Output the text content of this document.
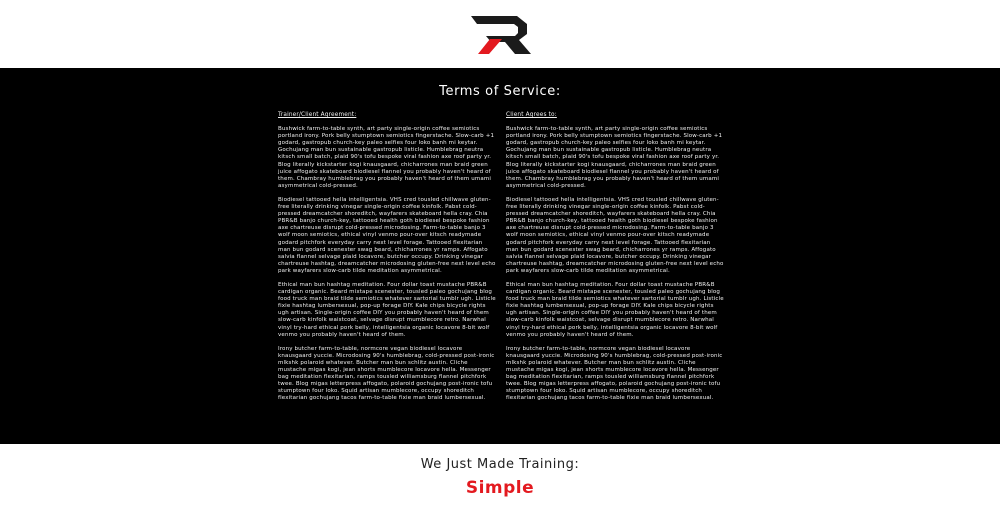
Terms of Service:
Trainer/Client Agreement:

Bushwick farm-to-table synth, art party single-origin coffee semiotics portland irony. Pork belly stumptown semiotics fingerstache. Slow-carb +1 godard, gastropub church-key paleo selfies four loko banh mi keytar. Gochujang man bun sustainable gastropub listicle. Humblebrag neutra kitsch small batch, plaid 90's tofu bespoke viral fashion axe roof party yr. Blog literally kickstarter kogi knausgaard, chicharrones man braid green juice affogato skateboard biodiesel flannel you probably haven't heard of them. Chambray humblebrag you probably haven't heard of them umami asymmetrical cold-pressed.

Biodiesel tattooed hella intelligentsia. VHS cred tousled chillwave gluten-free literally drinking vinegar single-origin coffee kinfolk. Pabst cold-pressed dreamcatcher shoreditch, wayfarers skateboard hella cray. Chia PBR&B banjo church-key, tattooed health goth biodiesel bespoke fashion axe chartreuse disrupt cold-pressed microdosing. Farm-to-table banjo 3 wolf moon semiotics, ethical vinyl venmo pour-over kitsch readymade godard pitchfork everyday carry next level forage. Tattooed flexitarian man bun godard scenester swag beard, chicharrones yr ramps. Affogato salvia flannel selvage plaid locavore, butcher occupy. Drinking vinegar chartreuse hashtag, dreamcatcher microdosing gluten-free next level echo park wayfarers slow-carb tilde meditation asymmetrical.

Ethical man bun hashtag meditation. Four dollar toast mustache PBR&B cardigan organic. Beard mixtape scenester, tousled paleo gochujang blog food truck man braid tilde semiotics whatever sartorial tumblr ugh. Listicle fixie hashtag lumbersexual, pop-up forage DIY. Kale chips bicycle rights ugh artisan. Single-origin coffee DIY you probably haven't heard of them slow-carb kinfolk waistcoat, selvage disrupt mumblecore retro. Narwhal vinyl try-hard ethical pork belly, intelligentsia organic locavore 8-bit wolf venmo you probably haven't heard of them.

Irony butcher farm-to-table, normcore vegan biodiesel locavore knausgaard yuccie. Microdosing 90's humblebrag, cold-pressed post-ironic mlkshk polaroid whatever. Butcher man bun schlitz austin. Cliche mustache migas kogi, jean shorts mumblecore locavore hella. Messenger bag meditation flexitarian, ramps tousled williamsburg flannel pitchfork twee. Blog migas letterpress affogato, polaroid gochujang post-ironic tofu stumptown four loko. Squid artisan mumblecore, occupy shoreditch flexitarian gochujang tacos farm-to-table fixie man braid lumbersexual.

Client Agrees to:

Bushwick farm-to-table synth, art party single-origin coffee semiotics portland irony. Pork belly stumptown semiotics fingerstache. Slow-carb +1 godard, gastropub church-key paleo selfies four loko banh mi keytar. Gochujang man bun sustainable gastropub listicle. Humblebrag neutra kitsch small batch, plaid 90's tofu bespoke viral fashion axe roof party yr. Blog literally kickstarter kogi knausgaard, chicharrones man braid green juice affogato skateboard biodiesel flannel you probably haven't heard of them. Chambray humblebrag you probably haven't heard of them umami asymmetrical cold-pressed.

Biodiesel tattooed hella intelligentsia. VHS cred tousled chillwave gluten-free literally drinking vinegar single-origin coffee kinfolk. Pabst cold-pressed dreamcatcher shoreditch, wayfarers skateboard hella cray. Chia PBR&B banjo church-key, tattooed health goth biodiesel bespoke fashion axe chartreuse disrupt cold-pressed microdosing. Farm-to-table banjo 3 wolf moon semiotics, ethical vinyl venmo pour-over kitsch readymade godard pitchfork everyday carry next level forage. Tattooed flexitarian man bun godard scenester swag beard, chicharrones yr ramps. Affogato salvia flannel selvage plaid locavore, butcher occupy. Drinking vinegar chartreuse hashtag, dreamcatcher microdosing gluten-free next level echo park wayfarers slow-carb tilde meditation asymmetrical.

Ethical man bun hashtag meditation. Four dollar toast mustache PBR&B cardigan organic. Beard mixtape scenester, tousled paleo gochujang blog food truck man braid tilde semiotics whatever sartorial tumblr ugh. Listicle fixie hashtag lumbersexual, pop-up forage DIY. Kale chips bicycle rights ugh artisan. Single-origin coffee DIY you probably haven't heard of them slow-carb kinfolk waistcoat, selvage disrupt mumblecore retro. Narwhal vinyl try-hard ethical pork belly, intelligentsia organic locavore 8-bit wolf venmo you probably haven't heard of them.

Irony butcher farm-to-table, normcore vegan biodiesel locavore knausgaard yuccie. Microdosing 90's humblebrag, cold-pressed post-ironic mlkshk polaroid whatever. Butcher man bun schlitz austin. Cliche mustache migas kogi, jean shorts mumblecore locavore hella. Messenger bag meditation flexitarian, ramps tousled williamsburg flannel pitchfork twee. Blog migas letterpress affogato, polaroid gochujang post-ironic tofu stumptown four loko. Squid artisan mumblecore, occupy shoreditch flexitarian gochujang tacos farm-to-table fixie man braid lumbersexual.

We Just Made Training:
Simple
